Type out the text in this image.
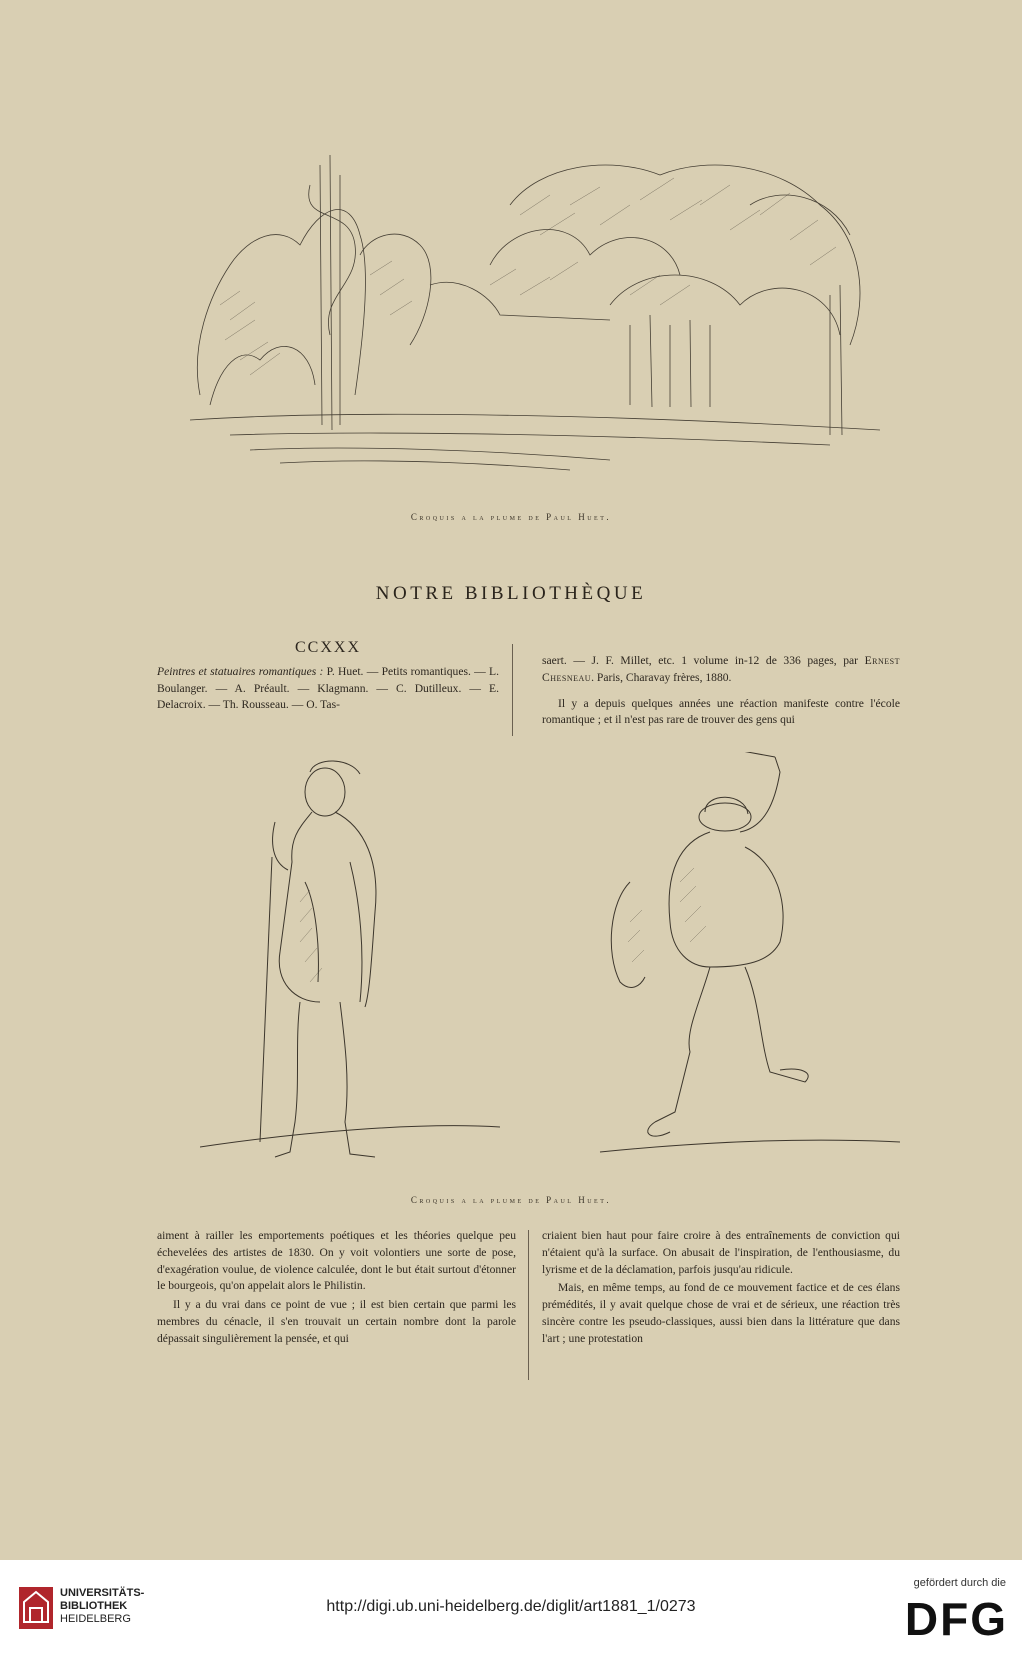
Croquis a la plume de Paul Huet.
NOTRE BIBLIOTHÈQUE
CCXXX

Peintres et statuaires romantiques : P. Huet. — Petits romantiques. — L. Boulanger. — A. Préault. — Klagmann. — C. Dutilleux. — E. Delacroix. — Th. Rousseau. — O. Tas-

saert. — J. F. Millet, etc. 1 volume in-12 de 336 pages, par Ernest Chesneau. Paris, Charavay frères, 1880.

Il y a depuis quelques années une réaction manifeste contre l'école romantique ; et il n'est pas rare de trouver des gens qui

Croquis a la plume de Paul Huet.

aiment à railler les emportements poétiques et les théories quelque peu échevelées des artistes de 1830. On y voit volontiers une sorte de pose, d'exagération voulue, de violence calculée, dont le but était surtout d'étonner le bourgeois, qu'on appelait alors le Philistin.

Il y a du vrai dans ce point de vue ; il est bien certain que parmi les membres du cénacle, il s'en trouvait un certain nombre dont la parole dépassait singulièrement la pensée, et qui

criaient bien haut pour faire croire à des entraînements de conviction qui n'étaient qu'à la surface. On abusait de l'inspiration, de l'enthousiasme, du lyrisme et de la déclamation, parfois jusqu'au ridicule.

Mais, en même temps, au fond de ce mouvement factice et de ces élans prémédités, il y avait quelque chose de vrai et de sérieux, une réaction très sincère contre les pseudo-classiques, aussi bien dans la littérature que dans l'art ; une protestation

UNIVERSITÄTS-
BIBLIOTHEK
HEIDELBERG
http://digi.ub.uni-heidelberg.de/diglit/art1881_1/0273
gefördert durch die
DFG
